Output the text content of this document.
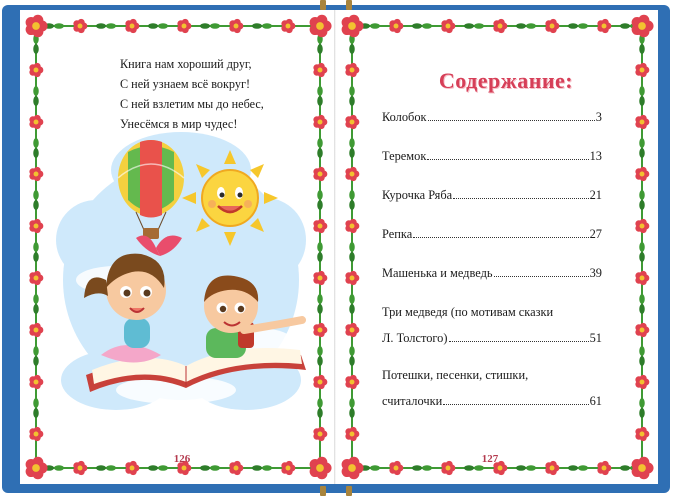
Книга нам хороший друг,
С ней узнаем всё вокруг!
С ней взлетим мы до небес,
Унесёмся в мир чудес!
126
Содержание:
Колобок	3
Теремок	13
Курочка Ряба	21
Репка	27
Машенька и медведь	39
Три медведя (по мотивам сказки
Л. Толстого)	51
Потешки, песенки, стишки,
считалочки	61
127
